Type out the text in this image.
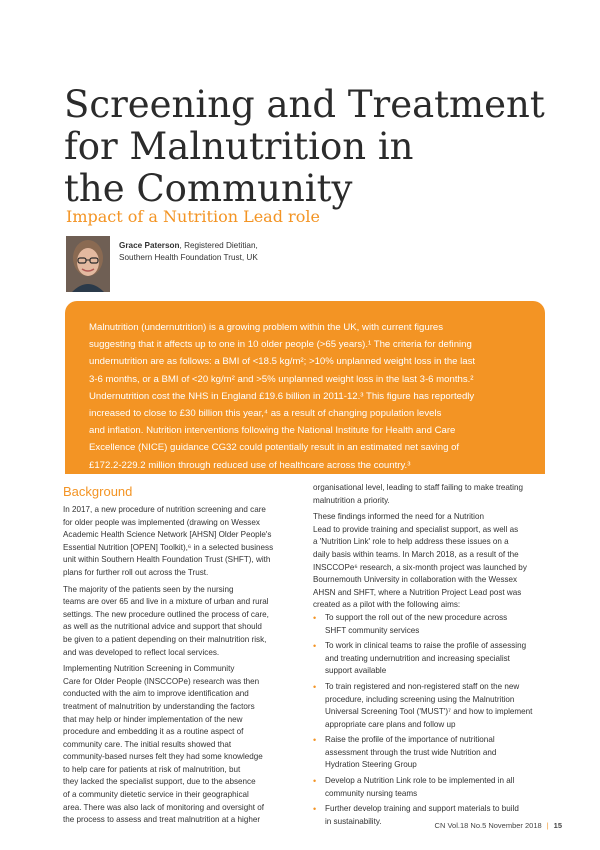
Screening and Treatment
for Malnutrition in
the Community
Impact of a Nutrition Lead role
Grace Paterson, Registered Dietitian,
Southern Health Foundation Trust, UK
Malnutrition (undernutrition) is a growing problem within the UK, with current figures
suggesting that it affects up to one in 10 older people (>65 years).¹ The criteria for defining
undernutrition are as follows: a BMI of <18.5 kg/m²; >10% unplanned weight loss in the last
3-6 months, or a BMI of <20 kg/m² and >5% unplanned weight loss in the last 3-6 months.²
Undernutrition cost the NHS in England £19.6 billion in 2011-12.³ This figure has reportedly
increased to close to £30 billion this year,⁴ as a result of changing population levels
and inflation. Nutrition interventions following the National Institute for Health and Care
Excellence (NICE) guidance CG32 could potentially result in an estimated net saving of
£172.2-229.2 million through reduced use of healthcare across the country.³
Background
In 2017, a new procedure of nutrition screening and care
for older people was implemented (drawing on Wessex
Academic Health Science Network [AHSN] Older People's
Essential Nutrition [OPEN] Toolkit),⁶ in a selected business
unit within Southern Health Foundation Trust (SHFT), with
plans for further roll out across the Trust.
The majority of the patients seen by the nursing
teams are over 65 and live in a mixture of urban and rural
settings. The new procedure outlined the process of care,
as well as the nutritional advice and support that should
be given to a patient depending on their malnutrition risk,
and was developed to reflect local services.
Implementing Nutrition Screening in Community
Care for Older People (INSCCOPe) research was then
conducted with the aim to improve identification and
treatment of malnutrition by understanding the factors
that may help or hinder implementation of the new
procedure and embedding it as a routine aspect of
community care. The initial results showed that
community-based nurses felt they had some knowledge
to help care for patients at risk of malnutrition, but
they lacked the specialist support, due to the absence
of a community dietetic service in their geographical
area. There was also lack of monitoring and oversight of
the process to assess and treat malnutrition at a higher
organisational level, leading to staff failing to make treating
malnutrition a priority.
These findings informed the need for a Nutrition
Lead to provide training and specialist support, as well as
a 'Nutrition Link' role to help address these issues on a
daily basis within teams. In March 2018, as a result of the
INSCCOPe⁶ research, a six-month project was launched by
Bournemouth University in collaboration with the Wessex
AHSN and SHFT, where a Nutrition Project Lead post was
created as a pilot with the following aims:
• To support the roll out of the new procedure across
SHFT community services
• To work in clinical teams to raise the profile of assessing
and treating undernutrition and increasing specialist
support available
• To train registered and non-registered staff on the new
procedure, including screening using the Malnutrition
Universal Screening Tool ('MUST')⁷ and how to implement
appropriate care plans and follow up
• Raise the profile of the importance of nutritional
assessment through the trust wide Nutrition and
Hydration Steering Group
• Develop a Nutrition Link role to be implemented in all
community nursing teams
• Further develop training and support materials to build
in sustainability.	CN Vol.18 No.5 November 2018 | 15
